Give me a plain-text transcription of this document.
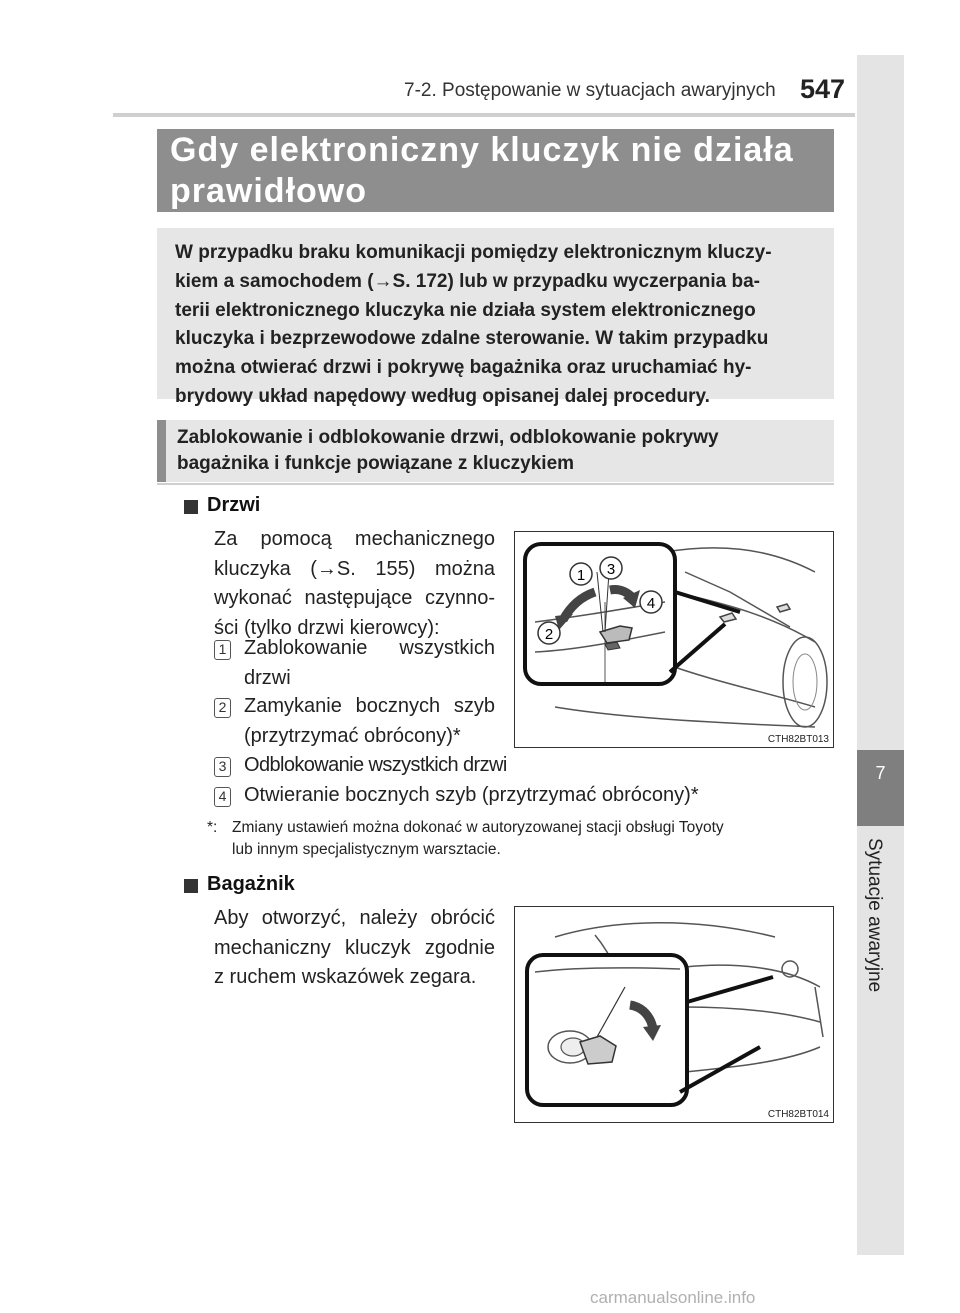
7-2. Postępowanie w sytuacjach awaryjnych 547
7
Sytuacje awaryjne
Gdy elektroniczny kluczyk nie działa
prawidłowo
W przypadku braku komunikacji pomiędzy elektronicznym kluczy-
kiem a samochodem (→S. 172) lub w przypadku wyczerpania ba-
terii elektronicznego kluczyka nie działa system elektronicznego
kluczyka i bezprzewodowe zdalne sterowanie. W takim przypadku
można otwierać drzwi i pokrywę bagażnika oraz uruchamiać hy-
brydowy układ napędowy według opisanej dalej procedury.
Zablokowanie i odblokowanie drzwi, odblokowanie pokrywy
bagażnika i funkcje powiązane z kluczykiem
Drzwi
Za pomocą mechanicznego
kluczyka (→S. 155) można
wykonać następujące czynno-
ści (tylko drzwi kierowcy):
1 Zablokowanie wszystkich
drzwi
2 Zamykanie bocznych szyb
(przytrzymać obrócony)*
3 Odblokowanie wszystkich drzwi
4 Otwieranie bocznych szyb (przytrzymać obrócony)*
1 3
4
2
CTH82BT013
*: Zmiany ustawień można dokonać w autoryzowanej stacji obsługi Toyoty
lub innym specjalistycznym warsztacie.
Bagażnik
Aby otworzyć, należy obrócić
mechaniczny kluczyk zgodnie
z ruchem wskazówek zegara.
CTH82BT014
carmanualsonline.info
